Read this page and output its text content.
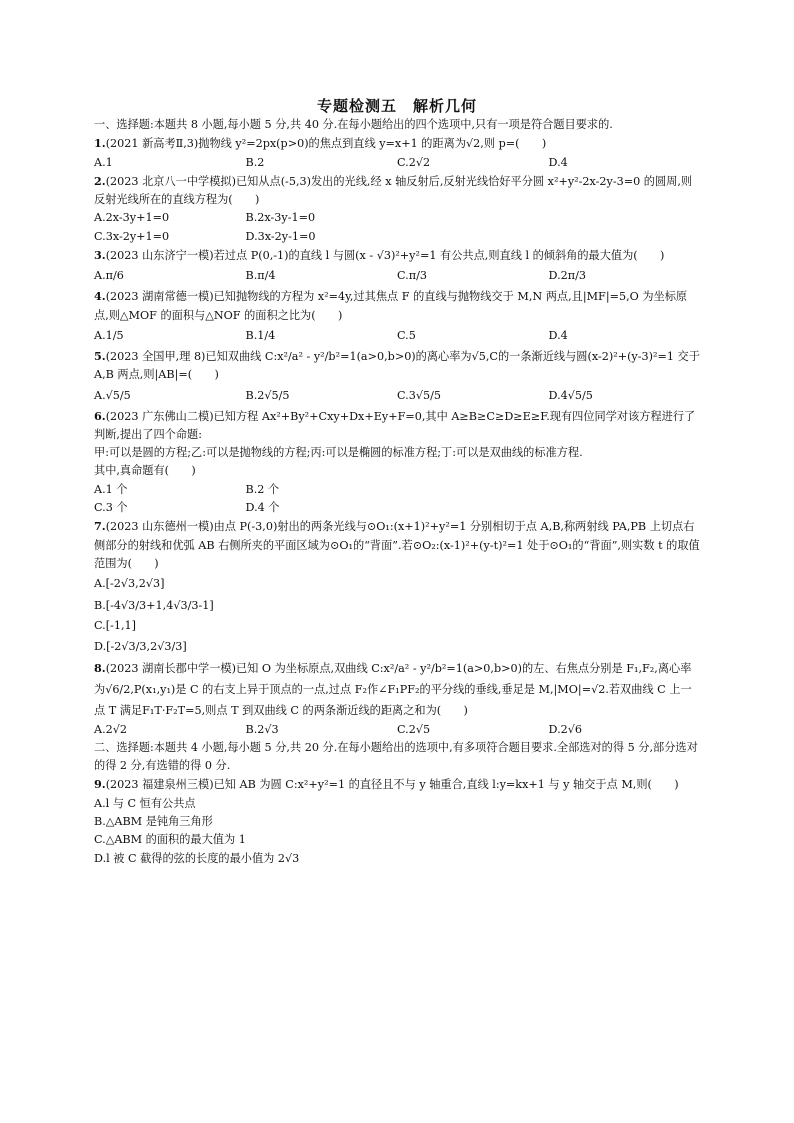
专题检测五　解析几何

一、选择题:本题共 8 小题,每小题 5 分,共 40 分.在每小题给出的四个选项中,只有一项是符合题目要求的.

1.(2021 新高考Ⅱ,3)抛物线 y²=2px(p>0)的焦点到直线 y=x+1 的距离为√2,则 p=(　　)

A.1	B.2	C.2√2	D.4

2.(2023 北京八一中学模拟)已知从点(-5,3)发出的光线,经 x 轴反射后,反射光线恰好平分圆 x²+y²-2x-2y-3=0 的圆周,则反射光线所在的直线方程为(　　)

A.2x-3y+1=0	B.2x-3y-1=0
C.3x-2y+1=0	D.3x-2y-1=0

3.(2023 山东济宁一模)若过点 P(0,-1)的直线 l 与圆(x - √3)²+y²=1 有公共点,则直线 l 的倾斜角的最大值为(　　)

A.π/6	B.π/4	C.π/3	D.2π/3

4.(2023 湖南常德一模)已知抛物线的方程为 x²=4y,过其焦点 F 的直线与抛物线交于 M,N 两点,且|MF|=5,O 为坐标原点,则△MOF 的面积与△NOF 的面积之比为(　　)

A.1/5	B.1/4	C.5	D.4

5.(2023 全国甲,理 8)已知双曲线 C:x²/a² - y²/b²=1(a>0,b>0)的离心率为√5,C的一条渐近线与圆(x-2)²+(y-3)²=1 交于 A,B 两点,则|AB|=(　　)

A.√5/5	B.2√5/5	C.3√5/5	D.4√5/5

6.(2023 广东佛山二模)已知方程 Ax²+By²+Cxy+Dx+Ey+F=0,其中 A≥B≥C≥D≥E≥F.现有四位同学对该方程进行了判断,提出了四个命题:

甲:可以是圆的方程;乙:可以是抛物线的方程;丙:可以是椭圆的标准方程;丁:可以是双曲线的标准方程.

其中,真命题有(　　)

A.1 个	B.2 个
C.3 个	D.4 个

7.(2023 山东德州一模)由点 P(-3,0)射出的两条光线与⊙O₁:(x+1)²+y²=1 分别相切于点 A,B,称两射线 PA,PB 上切点右侧部分的射线和优弧 AB 右侧所夹的平面区域为⊙O₁的“背面”.若⊙O₂:(x-1)²+(y-t)²=1 处于⊙O₁的“背面”,则实数 t 的取值范围为(　　)

A.[-2√3,2√3]

B.[-4√3/3+1,4√3/3-1]

C.[-1,1]

D.[-2√3/3,2√3/3]

8.(2023 湖南长郡中学一模)已知 O 为坐标原点,双曲线 C:x²/a² - y²/b²=1(a>0,b>0)的左、右焦点分别是 F₁,F₂,离心率为√6/2,P(x₁,y₁)是 C 的右支上异于顶点的一点,过点 F₂作∠F₁PF₂的平分线的垂线,垂足是 M,|MO|=√2.若双曲线 C 上一点 T 满足F₁T·F₂T=5,则点 T 到双曲线 C 的两条渐近线的距离之和为(　　)

A.2√2	B.2√3	C.2√5	D.2√6

二、选择题:本题共 4 小题,每小题 5 分,共 20 分.在每小题给出的选项中,有多项符合题目要求.全部选对的得 5 分,部分选对的得 2 分,有选错的得 0 分.

9.(2023 福建泉州三模)已知 AB 为圆 C:x²+y²=1 的直径且不与 y 轴重合,直线 l:y=kx+1 与 y 轴交于点 M,则(　　)

A.l 与 C 恒有公共点

B.△ABM 是钝角三角形

C.△ABM 的面积的最大值为 1

D.l 被 C 截得的弦的长度的最小值为 2√3
